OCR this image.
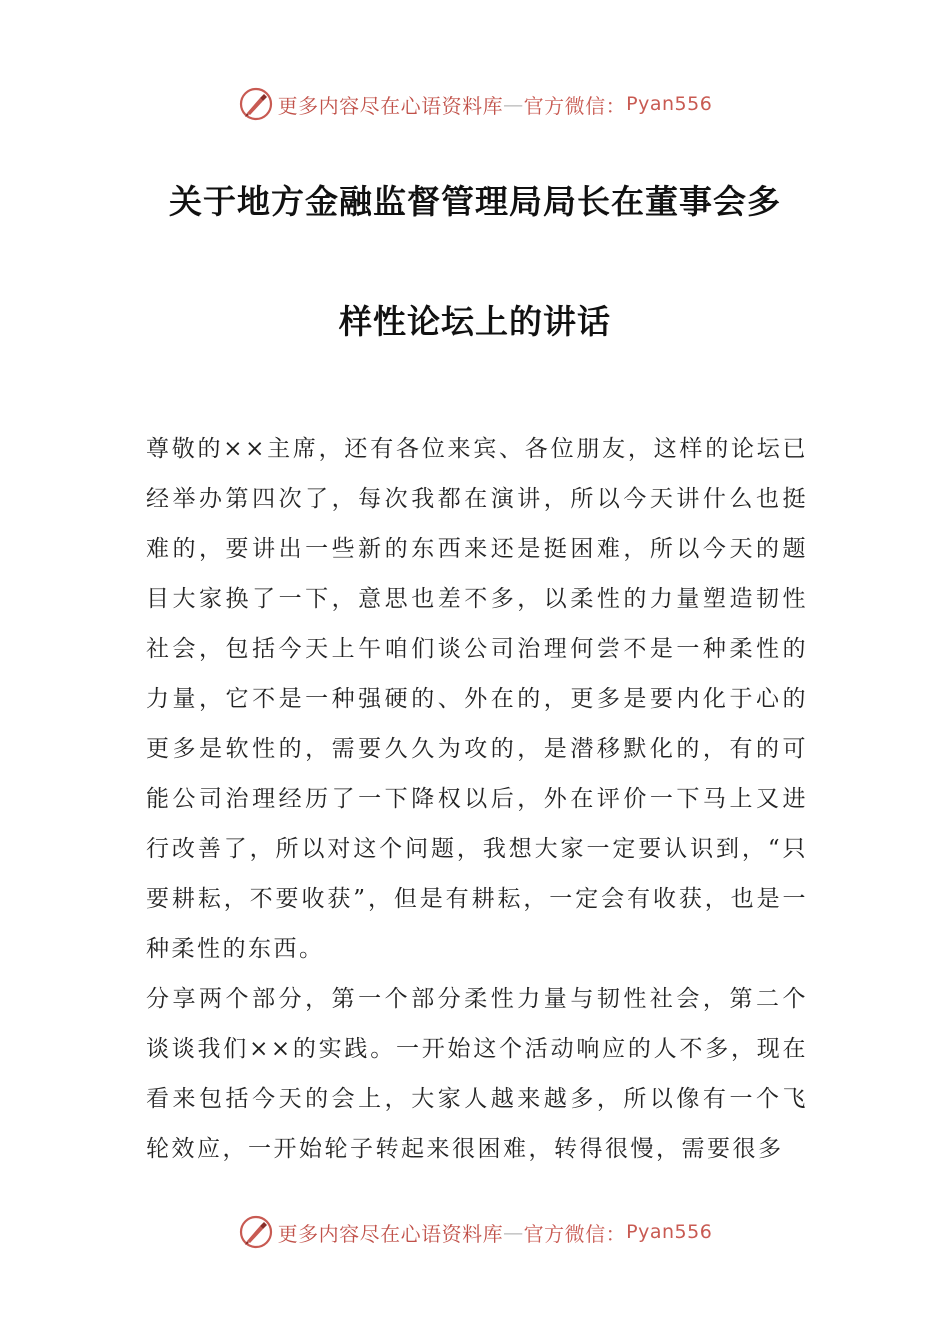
更多内容尽在心语资料库 — 官方微信： Pyan556
关于地方金融监督管理局局长在董事会多
样性论坛上的讲话

尊敬的××主席，还有各位来宾、各位朋友，这样的论坛已经举办第四次了，每次我都在演讲，所以今天讲什么也挺难的，要讲出一些新的东西来还是挺困难，所以今天的题目大家换了一下，意思也差不多，以柔性的力量塑造韧性社会，包括今天上午咱们谈公司治理何尝不是一种柔性的力量，它不是一种强硬的、外在的，更多是要内化于心的更多是软性的，需要久久为攻的，是潜移默化的，有的可能公司治理经历了一下降权以后，外在评价一下马上又进行改善了，所以对这个问题，我想大家一定要认识到，“只要耕耘，不要收获”，但是有耕耘，一定会有收获，也是一种柔性的东西。

分享两个部分，第一个部分柔性力量与韧性社会，第二个谈谈我们××的实践。一开始这个活动响应的人不多，现在看来包括今天的会上，大家人越来越多，所以像有一个飞轮效应，一开始轮子转起来很困难，转得很慢，需要很多

更多内容尽在心语资料库 — 官方微信： Pyan556
